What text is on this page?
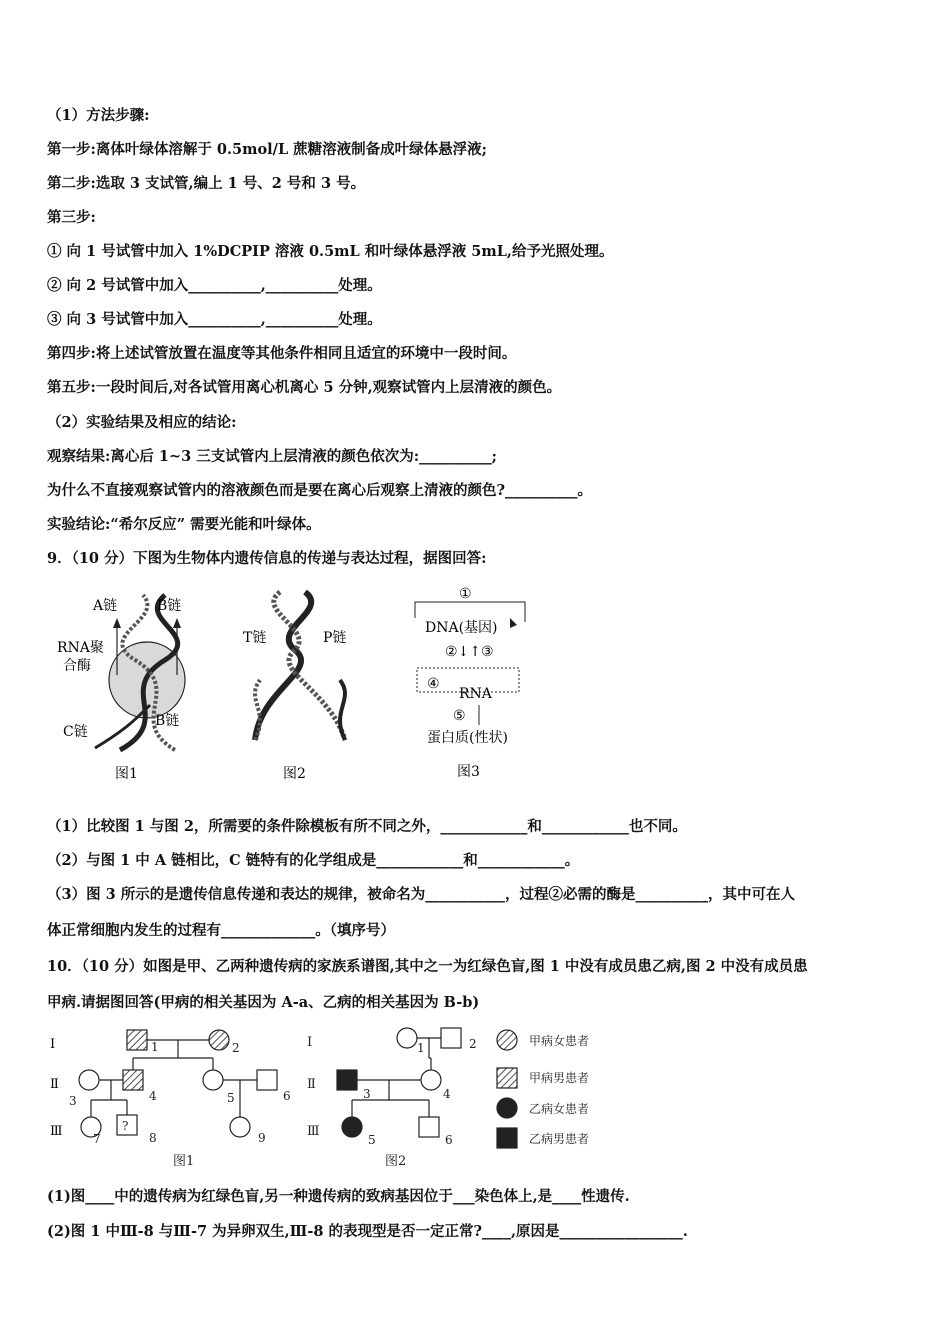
（1）方法步骤:
第一步:离体叶绿体溶解于 0.5mol/L 蔗糖溶液制备成叶绿体悬浮液;
第二步:选取 3 支试管,编上 1 号、2 号和 3 号。
第三步:
① 向 1 号试管中加入 1%DCPIP 溶液 0.5mL 和叶绿体悬浮液 5mL,给予光照处理。
② 向 2 号试管中加入__________,__________处理。
③ 向 3 号试管中加入__________,__________处理。
第四步:将上述试管放置在温度等其他条件相同且适宜的环境中一段时间。
第五步:一段时间后,对各试管用离心机离心 5 分钟,观察试管内上层清液的颜色。
（2）实验结果及相应的结论:
观察结果:离心后 1~3 三支试管内上层清液的颜色依次为:__________;
为什么不直接观察试管内的溶液颜色而是要在离心后观察上清液的颜色?__________。
实验结论:“希尔反应” 需要光能和叶绿体。
9．（10 分）下图为生物体内遗传信息的传递与表达过程，据图回答:
A链	B链
RNA聚
合酶
C链
B链
图1
T链	P链
图2
①
DNA(基因)
②↓↑③
④
RNA
⑤
蛋白质(性状)
图3
（1）比较图 1 与图 2，所需要的条件除模板有所不同之外，____________和____________也不同。
（2）与图 1 中 A 链相比，C 链特有的化学组成是____________和____________。
（3）图 3 所示的是遗传信息传递和表达的规律，被命名为___________，过程②必需的酶是__________，其中可在人
体正常细胞内发生的过程有_____________。（填序号）
10．（10 分）如图是甲、乙两种遗传病的家族系谱图,其中之一为红绿色盲,图 1 中没有成员患乙病,图 2 中没有成员患
甲病.请据图回答(甲病的相关基因为 A-a、乙病的相关基因为 B-b)
Ⅰ
Ⅱ
Ⅲ
1	2
3	4	5	6
7	8	9
?
图1
Ⅰ
Ⅱ
Ⅲ
1	2
3	4
5	6
图2
甲病女患者
甲病男患者
乙病女患者
乙病男患者
(1)图____中的遗传病为红绿色盲,另一种遗传病的致病基因位于___染色体上,是____性遗传.
(2)图 1 中Ⅲ-8 与Ⅲ-7 为异卵双生,Ⅲ-8 的表现型是否一定正常?____,原因是_________________.
